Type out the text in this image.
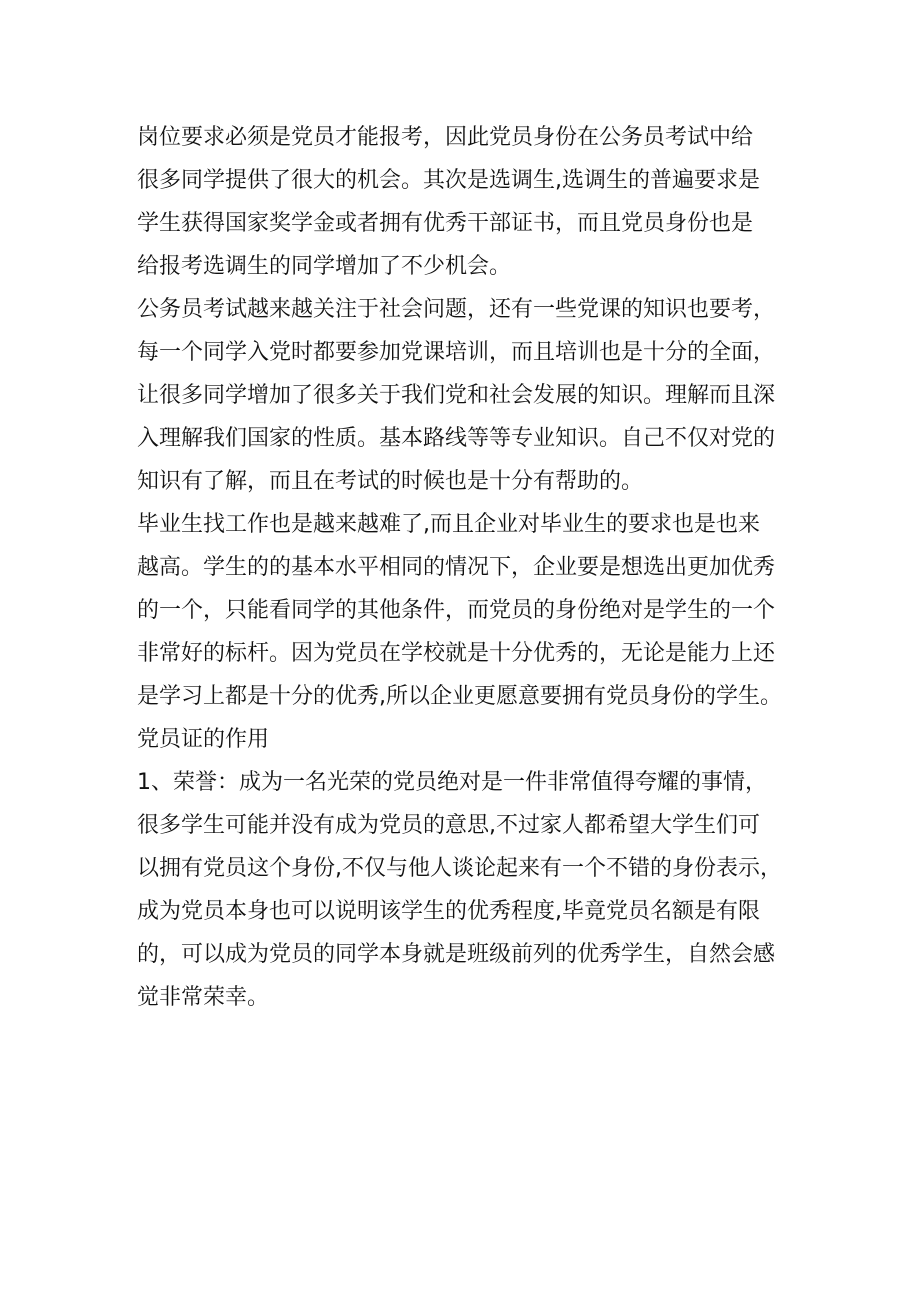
岗位要求必须是党员才能报考，因此党员身份在公务员考试中给
很多同学提供了很大的机会。其次是选调生,选调生的普遍要求是
学生获得国家奖学金或者拥有优秀干部证书，而且党员身份也是
给报考选调生的同学增加了不少机会。
公务员考试越来越关注于社会问题，还有一些党课的知识也要考，
每一个同学入党时都要参加党课培训，而且培训也是十分的全面，
让很多同学增加了很多关于我们党和社会发展的知识。理解而且深
入理解我们国家的性质。基本路线等等专业知识。自己不仅对党的
知识有了解，而且在考试的时候也是十分有帮助的。
毕业生找工作也是越来越难了,而且企业对毕业生的要求也是也来
越高。学生的的基本水平相同的情况下，企业要是想选出更加优秀
的一个，只能看同学的其他条件，而党员的身份绝对是学生的一个
非常好的标杆。因为党员在学校就是十分优秀的，无论是能力上还
是学习上都是十分的优秀,所以企业更愿意要拥有党员身份的学生。
党员证的作用
1、荣誉：成为一名光荣的党员绝对是一件非常值得夸耀的事情，
很多学生可能并没有成为党员的意思,不过家人都希望大学生们可
以拥有党员这个身份,不仅与他人谈论起来有一个不错的身份表示，
成为党员本身也可以说明该学生的优秀程度,毕竟党员名额是有限
的，可以成为党员的同学本身就是班级前列的优秀学生，自然会感
觉非常荣幸。
